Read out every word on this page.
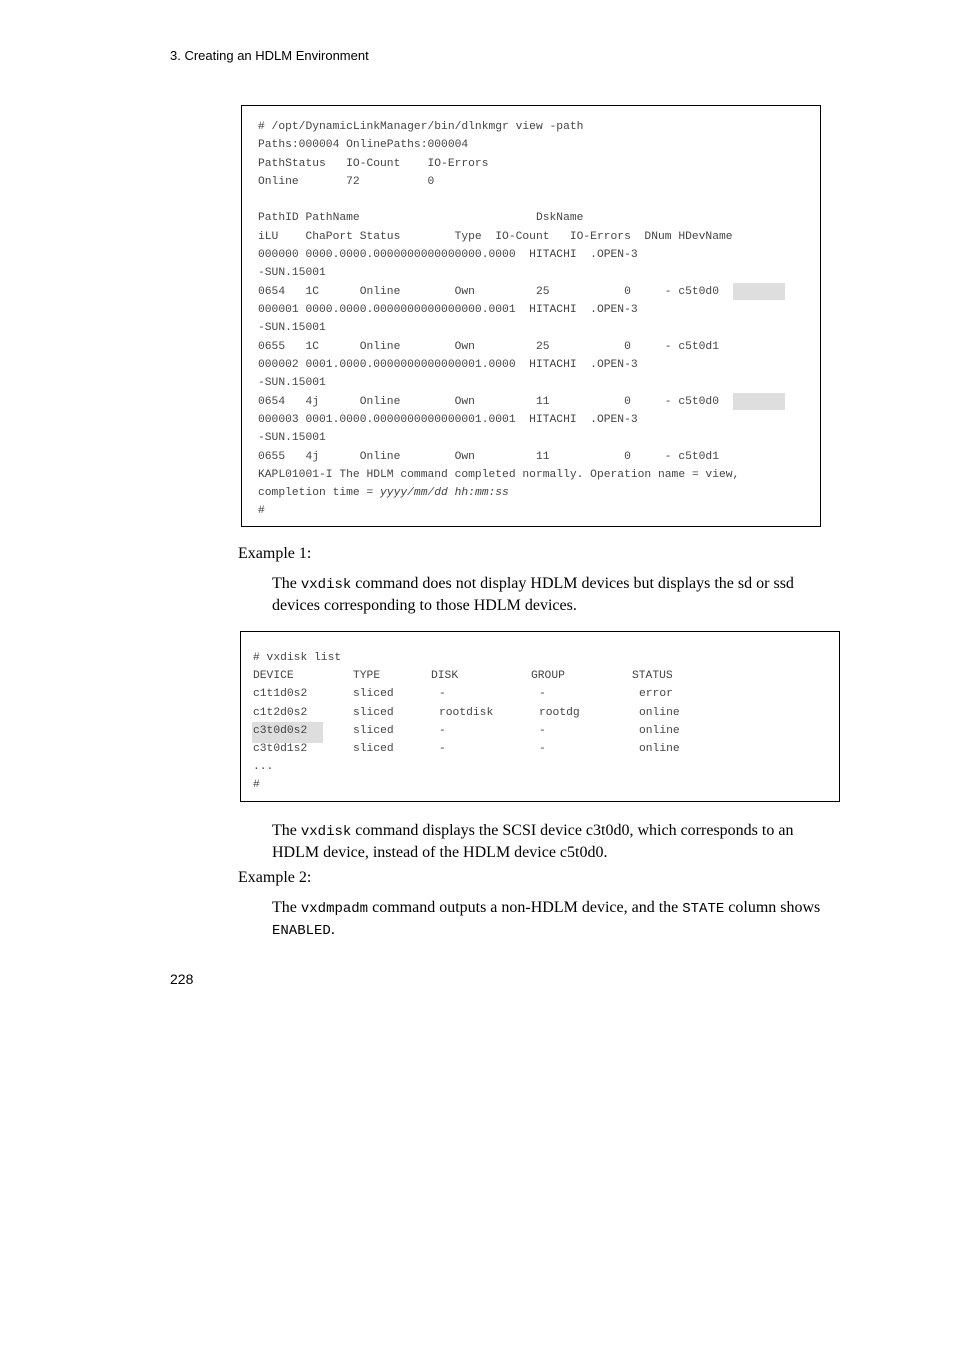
3. Creating an HDLM Environment
# /opt/DynamicLinkManager/bin/dlnkmgr view -path
Paths:000004 OnlinePaths:000004
PathStatus   IO-Count    IO-Errors
Online       72          0
PathID PathName                          DskName
iLU    ChaPort Status        Type  IO-Count   IO-Errors  DNum HDevName
000000 0000.0000.0000000000000000.0000  HITACHI  .OPEN-3
-SUN.15001
0654   1C      Online        Own         25           0     - c5t0d0
000001 0000.0000.0000000000000000.0001  HITACHI  .OPEN-3
-SUN.15001
0655   1C      Online        Own         25           0     - c5t0d1
000002 0001.0000.0000000000000001.0000  HITACHI  .OPEN-3
-SUN.15001
0654   4j      Online        Own         11           0     - c5t0d0
000003 0001.0000.0000000000000001.0001  HITACHI  .OPEN-3
-SUN.15001
0655   4j      Online        Own         11           0     - c5t0d1
KAPL01001-I The HDLM command completed normally. Operation name = view,
completion time = yyyy/mm/dd hh:mm:ss
#
Example 1:
The vxdisk command does not display HDLM devices but displays the sd or ssd devices corresponding to those HDLM devices.
# vxdisk list
DEVICE	TYPE	DISK	GROUP	STATUS
c1t1d0s2	sliced	-	-	error
c1t2d0s2	sliced	rootdisk	rootdg	online
c3t0d0s2	sliced	-	-	online
c3t0d1s2	sliced	-	-	online
...
#
The vxdisk command displays the SCSI device c3t0d0, which corresponds to an HDLM device, instead of the HDLM device c5t0d0.
Example 2:
The vxdmpadm command outputs a non-HDLM device, and the STATE column shows ENABLED.
228
